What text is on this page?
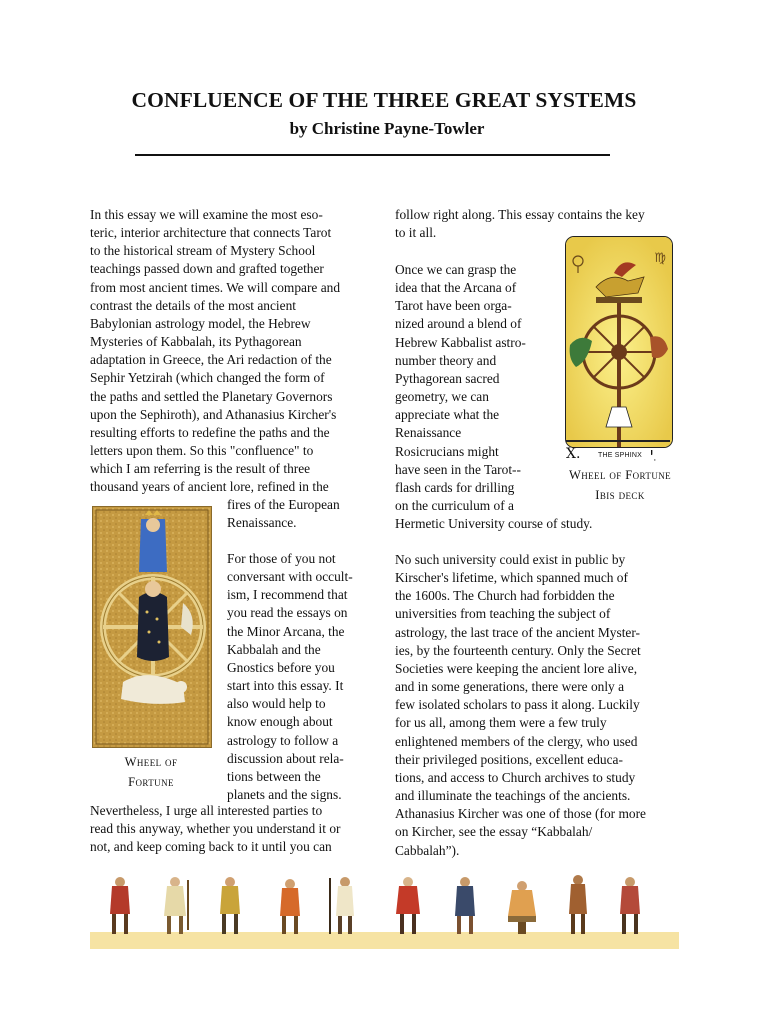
CONFLUENCE OF THE THREE GREAT SYSTEMS
by Christine Payne-Towler
In this essay we will examine the most eso-
teric, interior architecture that connects Tarot
to the historical stream of Mystery School
teachings passed down and grafted together
from most ancient times. We will compare and
contrast the details of the most ancient
Babylonian astrology model, the Hebrew
Mysteries of Kabbalah, its Pythagorean
adaptation in Greece, the Ari redaction of the
Sephir Yetzirah (which changed the form of
the paths and settled the Planetary Governors
upon the Sephiroth), and Athanasius Kircher's
resulting efforts to redefine the paths and the
letters upon them. So this "confluence" to
which I am referring is the result of three
thousand years of ancient lore, refined in the
fires of the European
Renaissance.
For those of you not
conversant with occult-
ism, I recommend that
you read the essays on
the Minor Arcana, the
Kabbalah and the
Gnostics before you
start into this essay. It
also would help to
know enough about
astrology to follow a
discussion about rela-
tions between the
planets and the signs.
Nevertheless, I urge all interested parties to
read this anyway, whether you understand it or
not, and keep coming back to it until you can
Wheel of
Fortune
follow right along. This essay contains the key
to it all.
Once we can grasp the
idea that the Arcana of
Tarot have been orga-
nized around a blend of
Hebrew Kabbalist astro-
number theory and
Pythagorean sacred
geometry, we can
appreciate what the
Renaissance
Rosicrucians might
have seen in the Tarot--
flash cards for drilling
on the curriculum of a
Hermetic University course of study.
No such university could exist in public by
Kirscher's lifetime, which spanned much of
the 1600s. The Church had forbidden the
universities from teaching the subject of
astrology, the last trace of the ancient Myster-
ies, by the fourteenth century. Only the Secret
Societies were keeping the ancient lore alive,
and in some generations, there were only a
few isolated scholars to pass it along. Luckily
for us all, among them were a few truly
enlightened members of the clergy, who used
their privileged positions, excellent educa-
tions, and access to Church archives to study
and illuminate the teachings of the ancients.
Athanasius Kircher was one of those (for more
on Kircher, see the essay “Kabbalah/
Cabbalah”).
♍
X.	THE SPHINX ִי
Wheel of Fortune
Ibis deck
